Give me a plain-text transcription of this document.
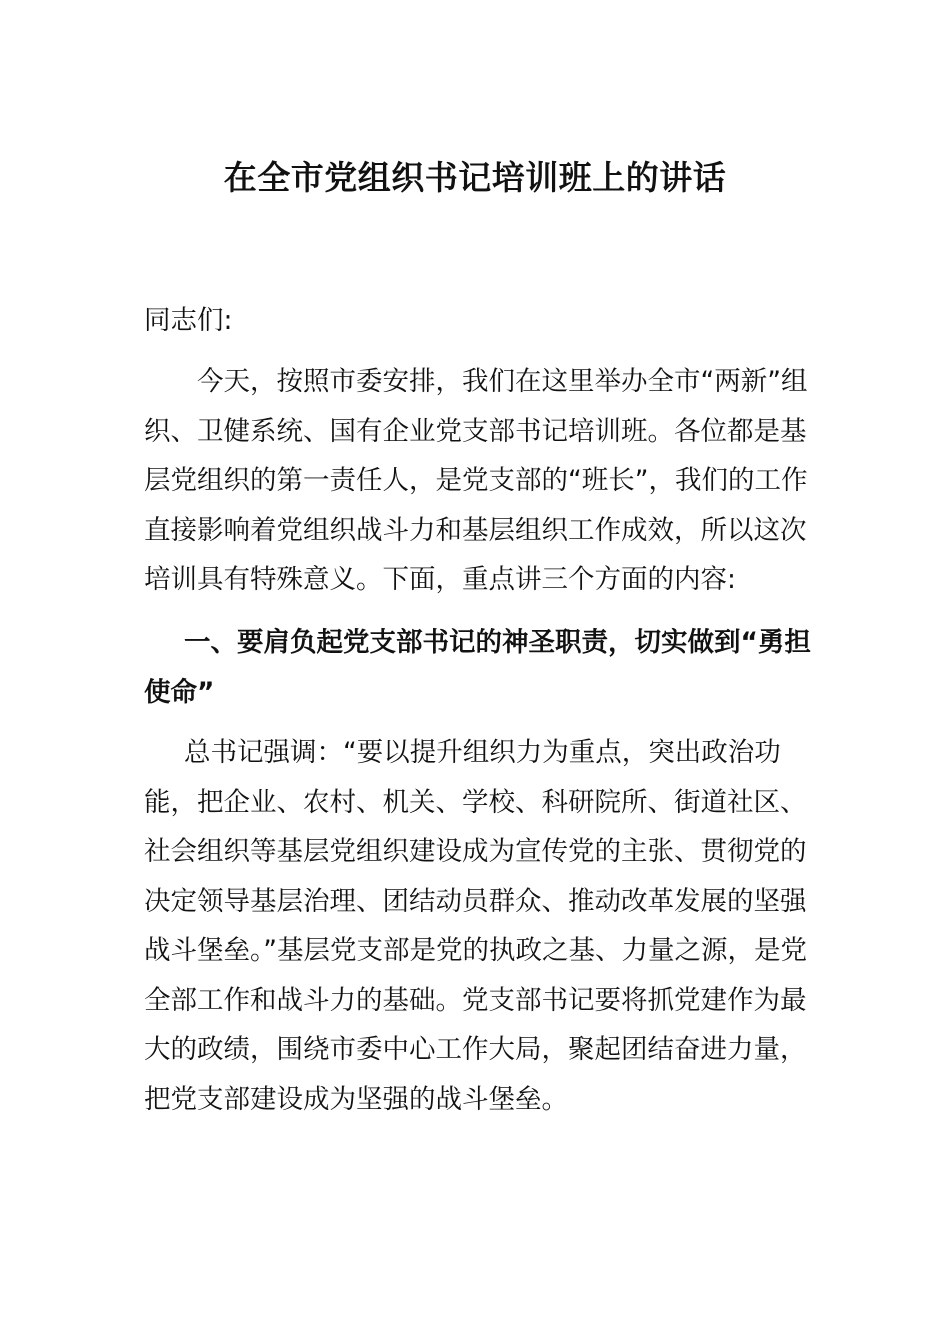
在全市党组织书记培训班上的讲话

同志们:

今天，按照市委安排，我们在这里举办全市“两新”组织、卫健系统、国有企业党支部书记培训班。各位都是基层党组织的第一责任人，是党支部的“班长”，我们的工作直接影响着党组织战斗力和基层组织工作成效，所以这次培训具有特殊意义。下面，重点讲三个方面的内容:

一、要肩负起党支部书记的神圣职责，切实做到“勇担使命”

总书记强调：“要以提升组织力为重点，突出政治功能，把企业、农村、机关、学校、科研院所、街道社区、社会组织等基层党组织建设成为宣传党的主张、贯彻党的决定领导基层治理、团结动员群众、推动改革发展的坚强战斗堡垒。”基层党支部是党的执政之基、力量之源，是党全部工作和战斗力的基础。党支部书记要将抓党建作为最大的政绩，围绕市委中心工作大局，聚起团结奋进力量，把党支部建设成为坚强的战斗堡垒。
